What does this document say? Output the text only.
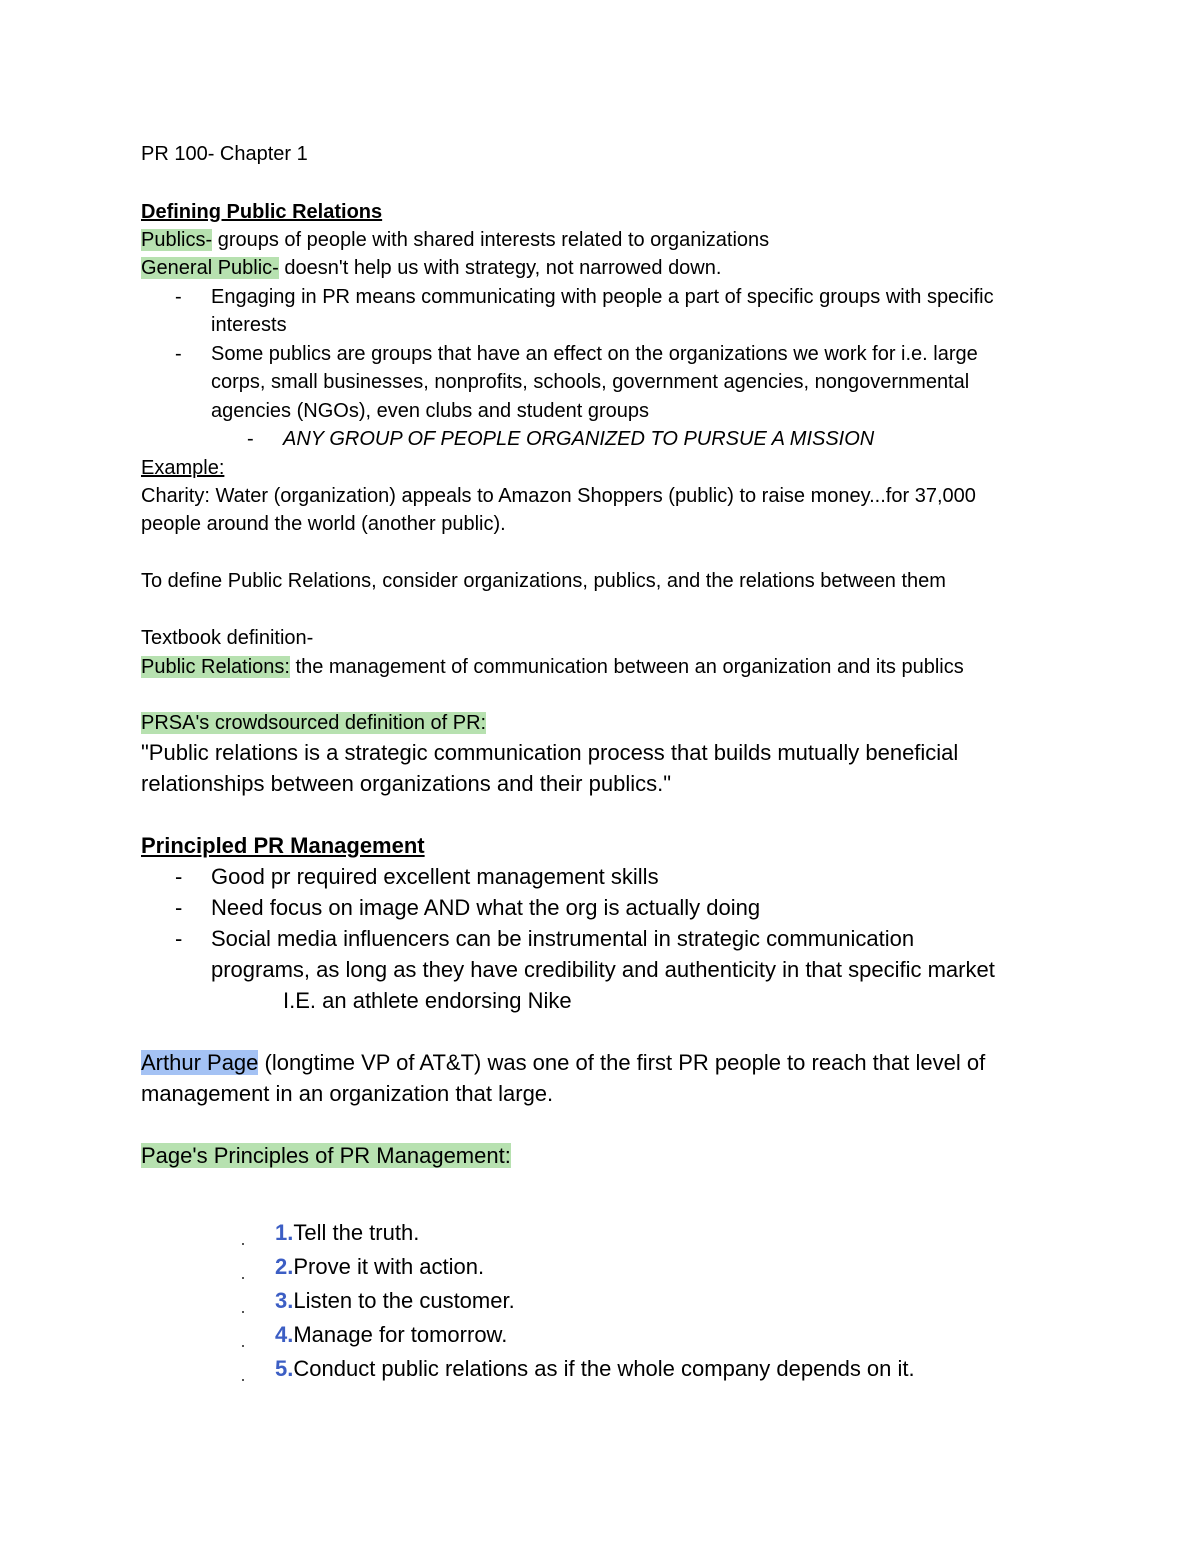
PR 100- Chapter 1
Defining Public Relations
Publics- groups of people with shared interests related to organizations
General Public- doesn't help us with strategy, not narrowed down.
- Engaging in PR means communicating with people a part of specific groups with specific
interests
- Some publics are groups that have an effect on the organizations we work for i.e. large
corps, small businesses, nonprofits, schools, government agencies, nongovernmental
agencies (NGOs), even clubs and student groups
- ANY GROUP OF PEOPLE ORGANIZED TO PURSUE A MISSION
Example:
Charity: Water (organization) appeals to Amazon Shoppers (public) to raise money...for 37,000
people around the world (another public).
To define Public Relations, consider organizations, publics, and the relations between them
Textbook definition-
Public Relations: the management of communication between an organization and its publics
PRSA's crowdsourced definition of PR:
"Public relations is a strategic communication process that builds mutually beneficial
relationships between organizations and their publics."
Principled PR Management
- Good pr required excellent management skills
- Need focus on image AND what the org is actually doing
- Social media influencers can be instrumental in strategic communication
programs, as long as they have credibility and authenticity in that specific market
I.E. an athlete endorsing Nike
Arthur Page (longtime VP of AT&T) was one of the first PR people to reach that level of
management in an organization that large.
Page's Principles of PR Management:
1.Tell the truth.
2.Prove it with action.
3.Listen to the customer.
4.Manage for tomorrow.
5.Conduct public relations as if the whole company depends on it.
